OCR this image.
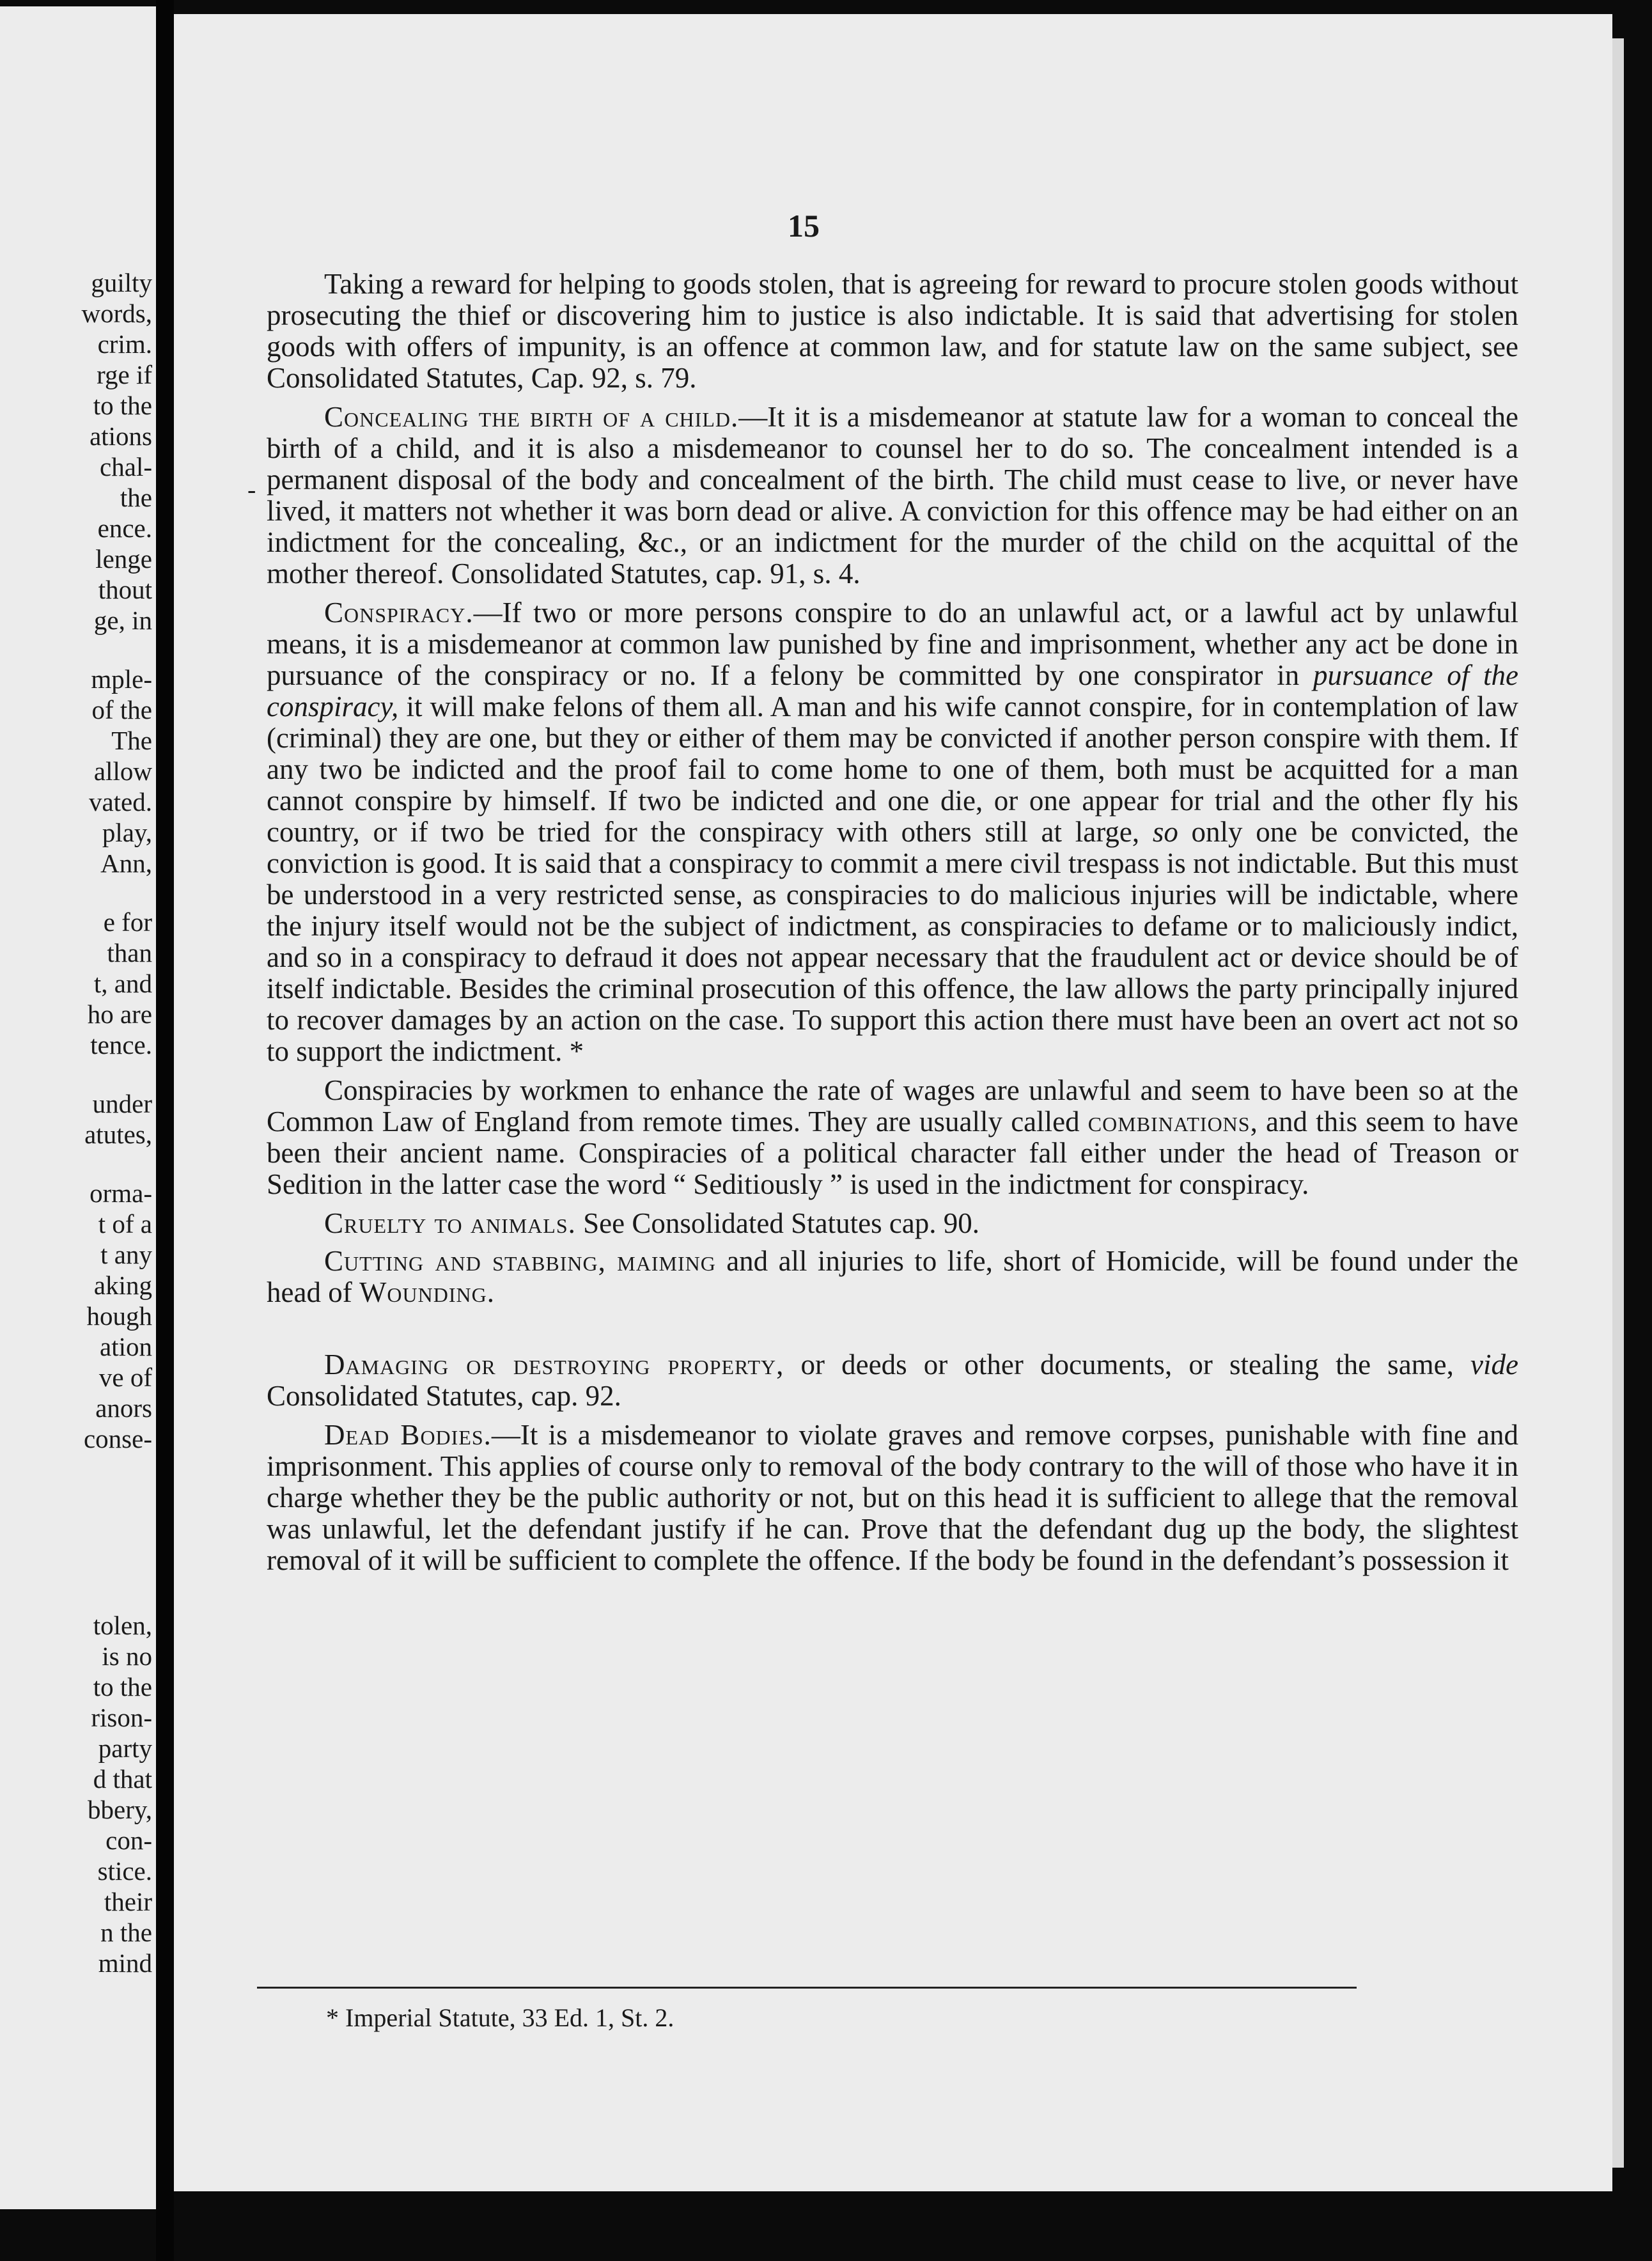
guilty
words,
crim.
rge if
to the
ations
chal-
the
ence.
lenge
thout
ge, in
mple-
of the
The
allow
vated.
play,
Ann,
e for
than
t, and
ho are
tence.
under
atutes,
orma-
t of a
t any
aking
hough
ation
ve of
anors
conse-
tolen,
is no
to the
rison-
party
d that
bbery,
con-
stice.
their
n the
mind
15
-

Taking a reward for helping to goods stolen, that is agreeing for reward to procure stolen goods without prosecuting the thief or discovering him to justice is also indictable. It is said that advertising for stolen goods with offers of impunity, is an offence at common law, and for statute law on the same subject, see Consolidated Statutes, Cap. 92, s. 79.

Concealing the birth of a child.—It it is a misdemeanor at statute law for a woman to conceal the birth of a child, and it is also a misdemeanor to counsel her to do so. The concealment intended is a permanent disposal of the body and concealment of the birth. The child must cease to live, or never have lived, it matters not whether it was born dead or alive. A conviction for this offence may be had either on an indictment for the concealing, &c., or an indictment for the murder of the child on the acquittal of the mother thereof. Consolidated Statutes, cap. 91, s. 4.

Conspiracy.—If two or more persons conspire to do an unlawful act, or a lawful act by unlawful means, it is a misdemeanor at common law punished by fine and imprisonment, whether any act be done in pursuance of the conspiracy or no. If a felony be committed by one conspirator in pursuance of the conspiracy, it will make felons of them all. A man and his wife cannot conspire, for in contemplation of law (criminal) they are one, but they or either of them may be convicted if another person conspire with them. If any two be indicted and the proof fail to come home to one of them, both must be acquitted for a man cannot conspire by himself. If two be indicted and one die, or one appear for trial and the other fly his country, or if two be tried for the conspiracy with others still at large, so only one be convicted, the conviction is good. It is said that a conspiracy to commit a mere civil trespass is not indictable. But this must be understood in a very restricted sense, as conspiracies to do malicious injuries will be indictable, where the injury itself would not be the subject of indictment, as conspiracies to defame or to maliciously indict, and so in a conspiracy to defraud it does not appear necessary that the fraudulent act or device should be of itself indictable. Besides the criminal prosecution of this offence, the law allows the party principally injured to recover damages by an action on the case. To support this action there must have been an overt act not so to support the indictment. *

Conspiracies by workmen to enhance the rate of wages are unlawful and seem to have been so at the Common Law of England from remote times. They are usually called combinations, and this seem to have been their ancient name. Conspiracies of a political character fall either under the head of Treason or Sedition in the latter case the word “ Seditiously ” is used in the indictment for conspiracy.

Cruelty to animals. See Consolidated Statutes cap. 90.

Cutting and stabbing, maiming and all injuries to life, short of Homicide, will be found under the head of Wounding.

Damaging or destroying property, or deeds or other documents, or stealing the same, vide Consolidated Statutes, cap. 92.

Dead Bodies.—It is a misdemeanor to violate graves and remove corpses, punishable with fine and imprisonment. This applies of course only to removal of the body contrary to the will of those who have it in charge whether they be the public authority or not, but on this head it is sufficient to allege that the removal was unlawful, let the defendant justify if he can. Prove that the defendant dug up the body, the slightest removal of it will be sufficient to complete the offence. If the body be found in the defendant’s possession it

* Imperial Statute, 33 Ed. 1, St. 2.
